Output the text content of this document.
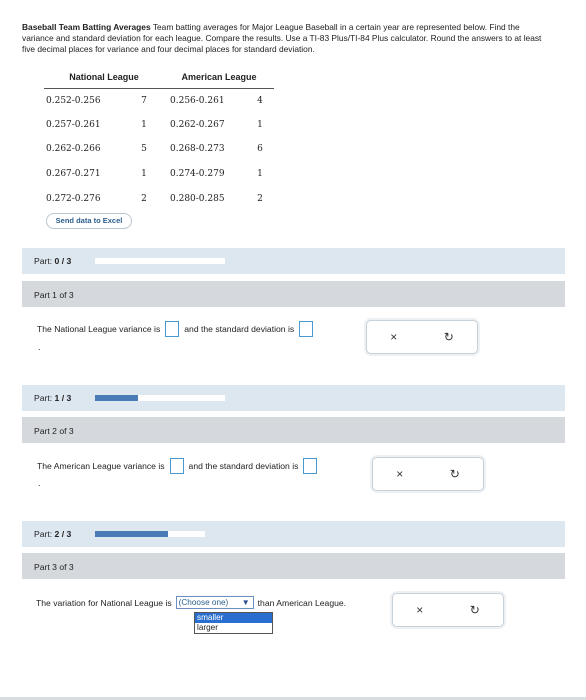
Baseball Team Batting Averages Team batting averages for Major League Baseball in a certain year are represented below. Find the variance and standard deviation for each league. Compare the results. Use a TI-83 Plus/TI-84 Plus calculator. Round the answers to at least five decimal places for variance and four decimal places for standard deviation.
National League		American League	
0.252-0.256	7	0.256-0.261	4
0.257-0.261	1	0.262-0.267	1
0.262-0.266	5	0.268-0.273	6
0.267-0.271	1	0.274-0.279	1
0.272-0.276	2	0.280-0.285	2
Send data to Excel
Part: 0 / 3
Part 1 of 3
The National League variance is	and the standard deviation is
.
×	↻
Part: 1 / 3
Part 2 of 3
The American League variance is	and the standard deviation is
.
×	↻
Part: 2 / 3
Part 3 of 3
The variation for National League is (Choose one) ▼ than American League.
smaller
larger
×	↻
